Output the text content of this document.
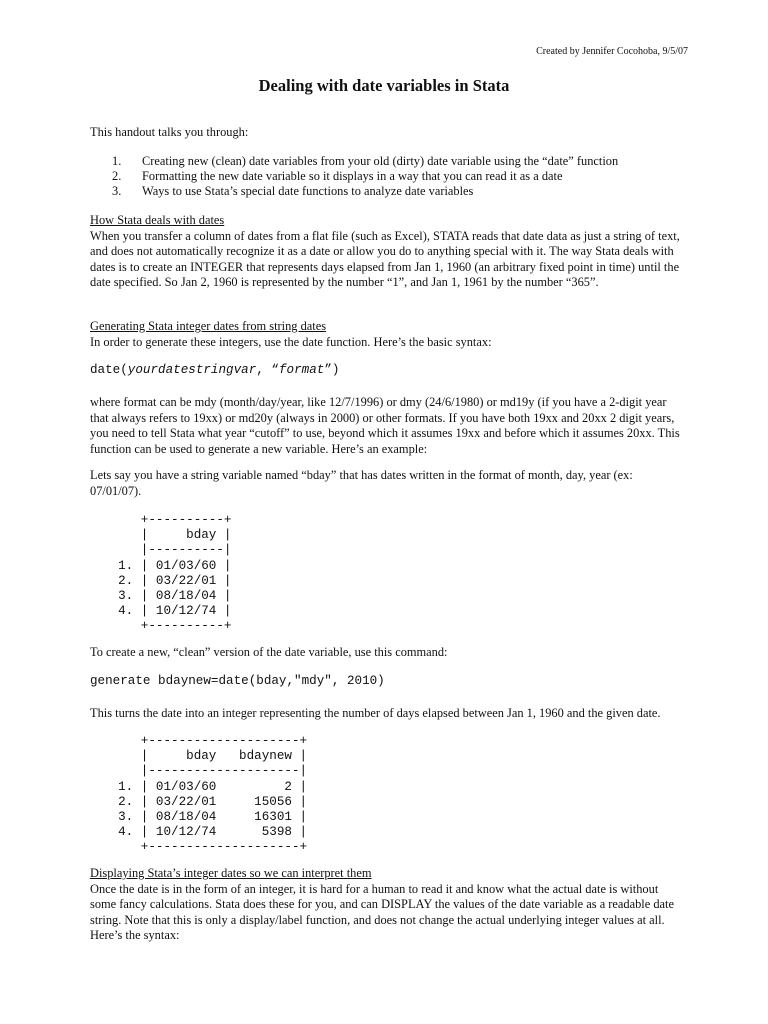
Created by Jennifer Cocohoba, 9/5/07
Dealing with date variables in Stata
This handout talks you through:
1.	Creating new (clean) date variables from your old (dirty) date variable using the “date” function
2.	Formatting the new date variable so it displays in a way that you can read it as a date
3.	Ways to use Stata’s special date functions to analyze date variables
How Stata deals with dates
When you transfer a column of dates from a flat file (such as Excel), STATA reads that date data as just a string of text, and does not automatically recognize it as a date or allow you do to anything special with it. The way Stata deals with dates is to create an INTEGER that represents days elapsed from Jan 1, 1960 (an arbitrary fixed point in time) until the date specified. So Jan 2, 1960 is represented by the number “1”, and Jan 1, 1961 by the number “365”.
Generating Stata integer dates from string dates
In order to generate these integers, use the date function. Here’s the basic syntax:
date(yourdatestringvar, “format”)
where format can be mdy (month/day/year, like 12/7/1996) or dmy (24/6/1980) or md19y (if you have a 2-digit year that always refers to 19xx) or md20y (always in 2000) or other formats. If you have both 19xx and 20xx 2 digit years, you need to tell Stata what year “cutoff” to use, beyond which it assumes 19xx and before which it assumes 20xx. This function can be used to generate a new variable. Here’s an example:
Lets say you have a string variable named “bday” that has dates written in the format of month, day, year (ex: 07/01/07).
+----------+
|     bday |
|----------|
1. | 01/03/60 |
2. | 03/22/01 |
3. | 08/18/04 |
4. | 10/12/74 |
+----------+
To create a new, “clean” version of the date variable, use this command:
generate bdaynew=date(bday,"mdy", 2010)
This turns the date into an integer representing the number of days elapsed between Jan 1, 1960 and the given date.
+--------------------+
|     bday   bdaynew |
|--------------------|
1. | 01/03/60         2 |
2. | 03/22/01     15056 |
3. | 08/18/04     16301 |
4. | 10/12/74      5398 |
+--------------------+
Displaying Stata’s integer dates so we can interpret them
Once the date is in the form of an integer, it is hard for a human to read it and know what the actual date is without some fancy calculations. Stata does these for you, and can DISPLAY the values of the date variable as a readable date string. Note that this is only a display/label function, and does not change the actual underlying integer values at all. Here’s the syntax:
